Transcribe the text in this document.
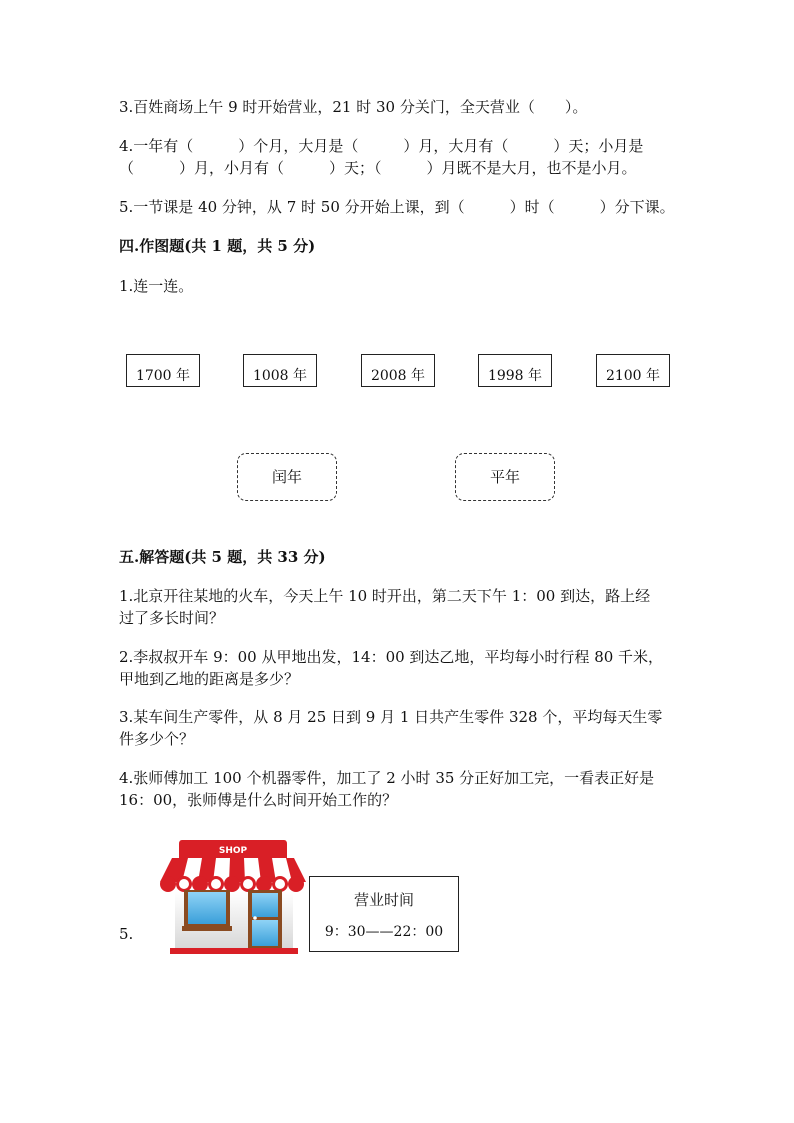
3.百姓商场上午 9 时开始营业，21 时 30 分关门，全天营业（　　）。
4.一年有（　　　）个月，大月是（　　　）月，大月有（　　　）天；小月是
（　　　）月，小月有（　　　）天；（　　　）月既不是大月，也不是小月。
5.一节课是 40 分钟，从 7 时 50 分开始上课，到（　　　）时（　　　）分下课。
四.作图题(共 1 题，共 5 分)
1.连一连。
1700 年	1008 年	2008 年	1998 年	2100 年
闰年	平年
五.解答题(共 5 题，共 33 分)
1.北京开往某地的火车，今天上午 10 时开出，第二天下午 1：00 到达，路上经
过了多长时间？
2.李叔叔开车 9：00 从甲地出发，14：00 到达乙地，平均每小时行程 80 千米，
甲地到乙地的距离是多少？
3.某车间生产零件，从 8 月 25 日到 9 月 1 日共产生零件 328 个，平均每天生零
件多少个？
4.张师傅加工 100 个机器零件，加工了 2 小时 35 分正好加工完，一看表正好是
16：00，张师傅是什么时间开始工作的？
5.
SHOP
营业时间
9：30——22：00
